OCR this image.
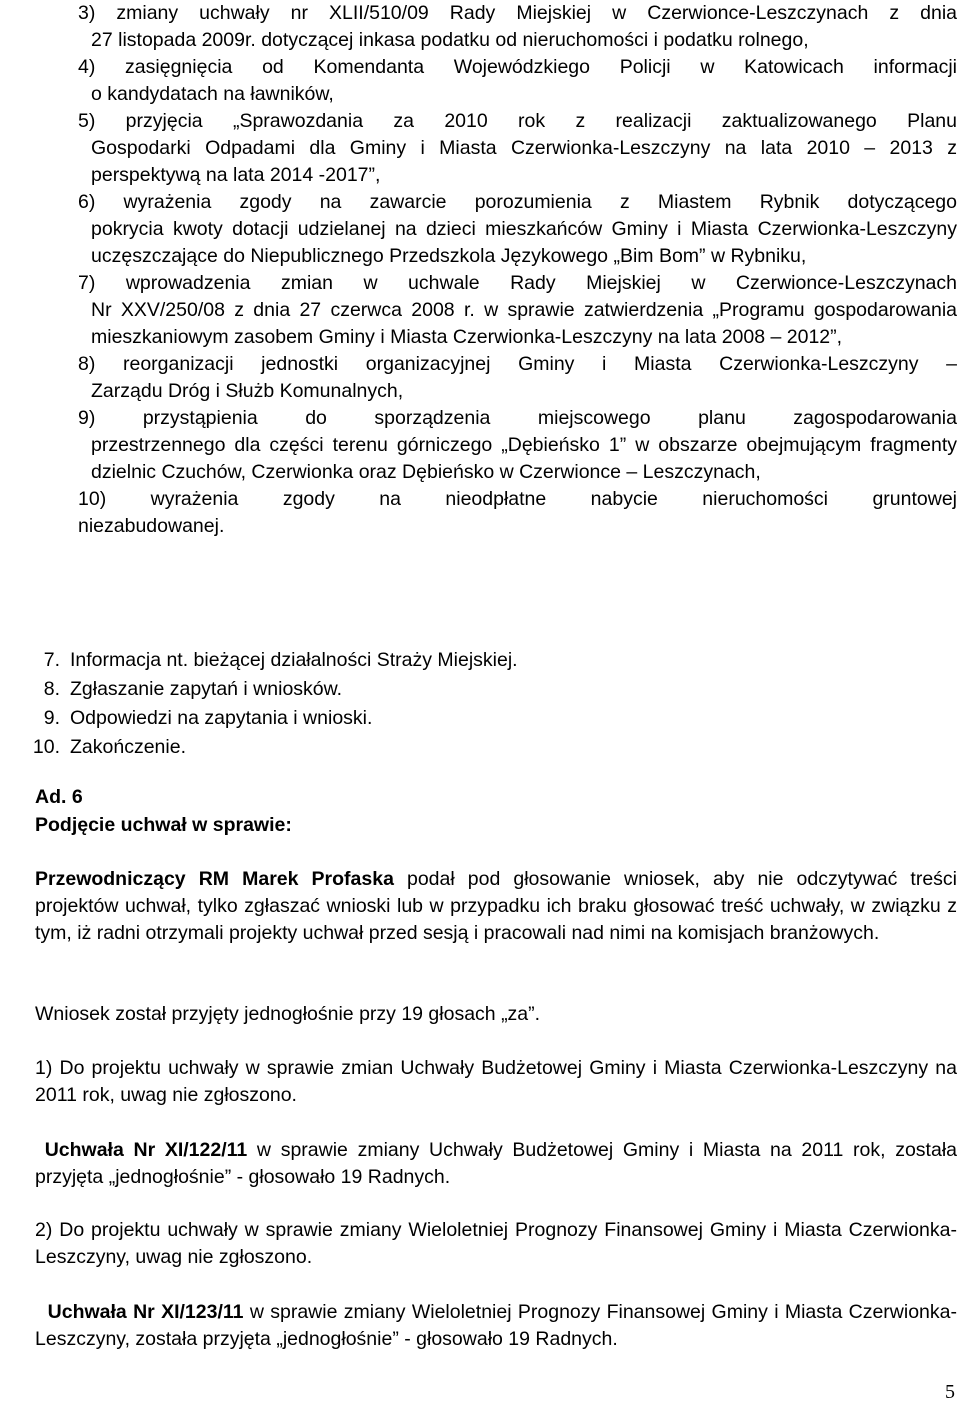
3) zmiany uchwały nr XLII/510/09 Rady Miejskiej w Czerwionce-Leszczynach z dnia
27 listopada 2009r. dotyczącej inkasa podatku od nieruchomości i podatku rolnego,
4) zasięgnięcia od Komendanta Wojewódzkiego Policji w Katowicach informacji
o kandydatach na ławników,
5) przyjęcia „Sprawozdania za 2010 rok z realizacji zaktualizowanego Planu
Gospodarki Odpadami dla Gminy i Miasta Czerwionka-Leszczyny na lata 2010 – 2013 z perspektywą na lata 2014 -2017”,
6) wyrażenia zgody na zawarcie porozumienia z Miastem Rybnik dotyczącego
pokrycia kwoty dotacji udzielanej na dzieci mieszkańców Gminy i Miasta Czerwionka-Leszczyny uczęszczające do Niepublicznego Przedszkola Językowego „Bim Bom” w Rybniku,
7) wprowadzenia zmian w uchwale Rady Miejskiej w Czerwionce-Leszczynach
Nr XXV/250/08 z dnia 27 czerwca 2008 r. w sprawie zatwierdzenia „Programu gospodarowania mieszkaniowym zasobem Gminy i Miasta Czerwionka-Leszczyny na lata 2008 – 2012”,
8) reorganizacji jednostki organizacyjnej Gminy i Miasta Czerwionka-Leszczyny –
Zarządu Dróg i Służb Komunalnych,
9) przystąpienia do sporządzenia miejscowego planu zagospodarowania
przestrzennego dla części terenu górniczego „Dębieńsko 1” w obszarze obejmującym fragmenty dzielnic Czuchów, Czerwionka oraz Dębieńsko w Czerwionce – Leszczynach,
10) wyrażenia zgody na nieodpłatne nabycie nieruchomości gruntowej
niezabudowanej.
7. Informacja nt. bieżącej działalności Straży Miejskiej.
8. Zgłaszanie zapytań i wniosków.
9. Odpowiedzi na zapytania i wnioski.
10. Zakończenie.
Ad. 6
Podjęcie uchwał w sprawie:
Przewodniczący RM Marek Profaska podał pod głosowanie wniosek, aby nie odczytywać treści projektów uchwał, tylko zgłaszać wnioski lub w przypadku ich braku głosować treść uchwały, w związku z tym, iż radni otrzymali projekty uchwał przed sesją i pracowali nad nimi na komisjach branżowych.
Wniosek został przyjęty jednogłośnie przy 19 głosach „za”.
1) Do projektu uchwały w sprawie zmian Uchwały Budżetowej Gminy i Miasta Czerwionka-Leszczyny na 2011 rok, uwag nie zgłoszono.
Uchwała Nr XI/122/11 w sprawie zmiany Uchwały Budżetowej Gminy i Miasta na 2011 rok, została przyjęta „jednogłośnie” - głosowało 19 Radnych.
2) Do projektu uchwały w sprawie zmiany Wieloletniej Prognozy Finansowej Gminy i Miasta Czerwionka-Leszczyny, uwag nie zgłoszono.
Uchwała Nr XI/123/11 w sprawie zmiany Wieloletniej Prognozy Finansowej Gminy i Miasta Czerwionka-Leszczyny, została przyjęta „jednogłośnie” - głosowało 19 Radnych.
5
